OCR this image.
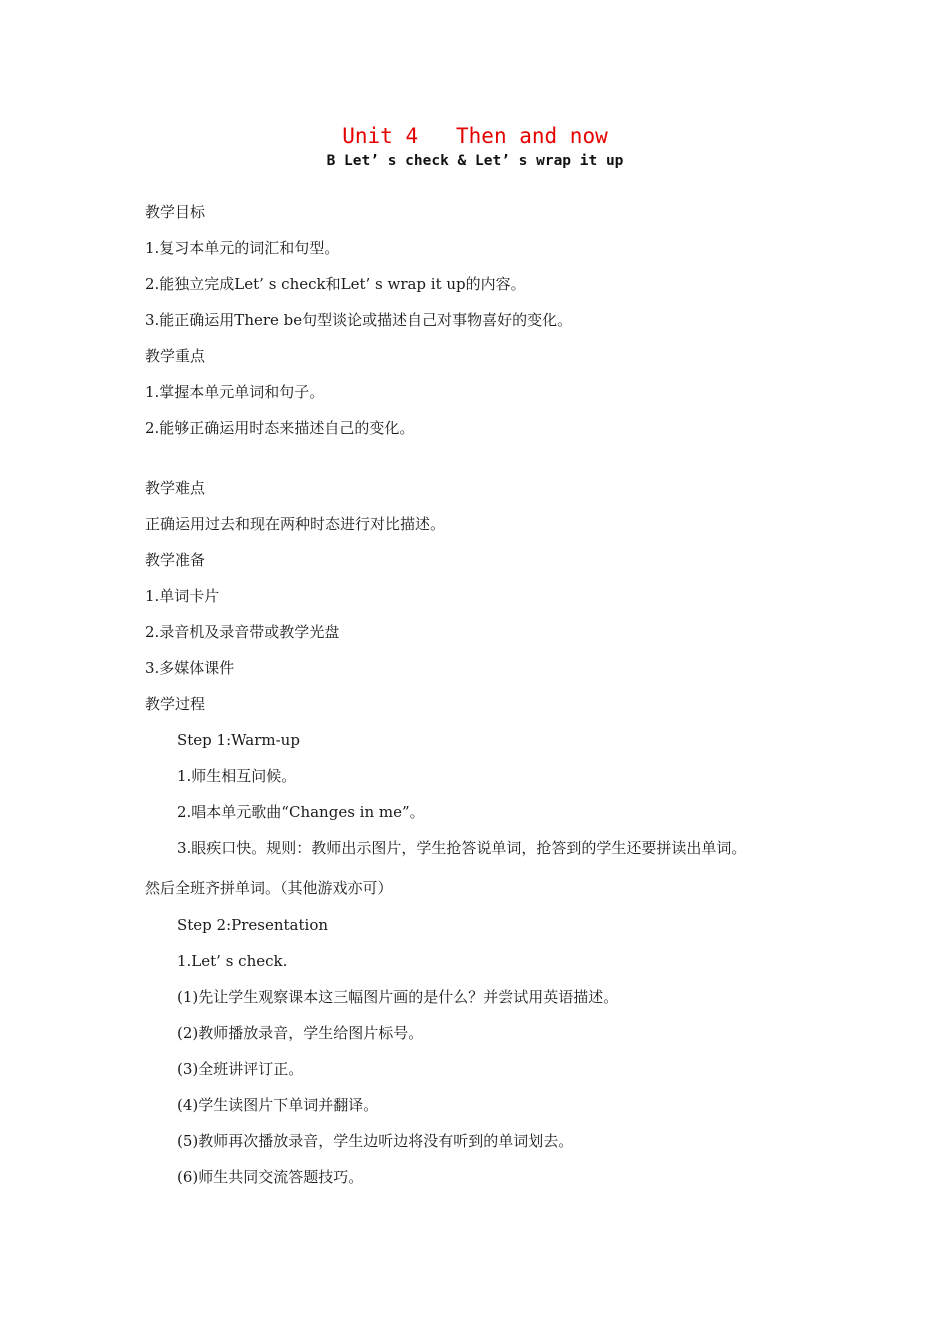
Unit 4   Then and now
B Let’ s check & Let’ s wrap it up
教学目标
1.复习本单元的词汇和句型。
2.能独立完成Let’ s check和Let’ s wrap it up的内容。
3.能正确运用There be句型谈论或描述自己对事物喜好的变化。
教学重点
1.掌握本单元单词和句子。
2.能够正确运用时态来描述自己的变化。
教学难点
正确运用过去和现在两种时态进行对比描述。
教学准备
1.单词卡片
2.录音机及录音带或教学光盘
3.多媒体课件
教学过程
Step 1:Warm-up
1.师生相互问候。
2.唱本单元歌曲“Changes in me”。
3.眼疾口快。规则：教师出示图片，学生抢答说单词，抢答到的学生还要拼读出单词。
然后全班齐拼单词。（其他游戏亦可）
Step 2:Presentation
1.Let’ s check.
(1)先让学生观察课本这三幅图片画的是什么？并尝试用英语描述。
(2)教师播放录音，学生给图片标号。
(3)全班讲评订正。
(4)学生读图片下单词并翻译。
(5)教师再次播放录音，学生边听边将没有听到的单词划去。
(6)师生共同交流答题技巧。
